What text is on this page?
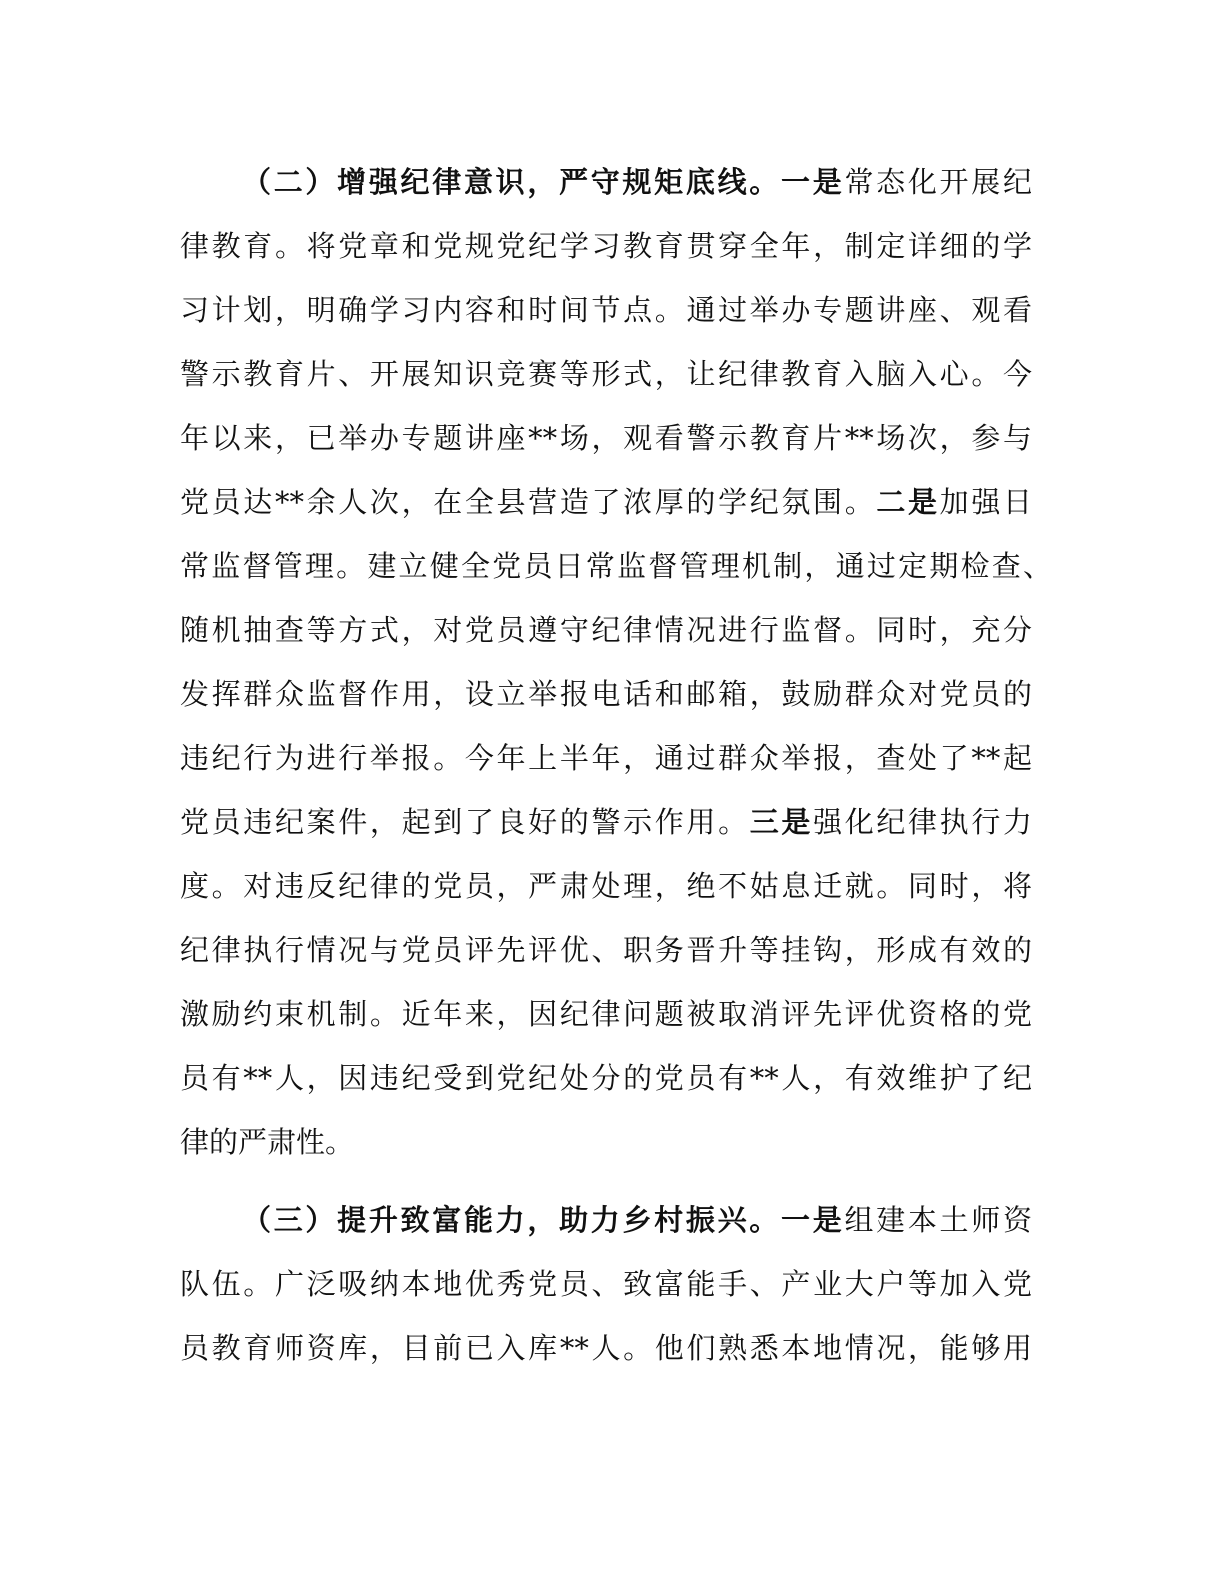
（二）增强纪律意识，严守规矩底线。一是常态化开展纪
律教育。将党章和党规党纪学习教育贯穿全年，制定详细的学
习计划，明确学习内容和时间节点。通过举办专题讲座、观看
警示教育片、开展知识竞赛等形式，让纪律教育入脑入心。今
年以来，已举办专题讲座**场，观看警示教育片**场次，参与
党员达**余人次，在全县营造了浓厚的学纪氛围。二是加强日
常监督管理。建立健全党员日常监督管理机制，通过定期检查、
随机抽查等方式，对党员遵守纪律情况进行监督。同时，充分
发挥群众监督作用，设立举报电话和邮箱，鼓励群众对党员的
违纪行为进行举报。今年上半年，通过群众举报，查处了**起
党员违纪案件，起到了良好的警示作用。三是强化纪律执行力
度。对违反纪律的党员，严肃处理，绝不姑息迁就。同时，将
纪律执行情况与党员评先评优、职务晋升等挂钩，形成有效的
激励约束机制。近年来，因纪律问题被取消评先评优资格的党
员有**人，因违纪受到党纪处分的党员有**人，有效维护了纪
律的严肃性。
（三）提升致富能力，助力乡村振兴。一是组建本土师资
队伍。广泛吸纳本地优秀党员、致富能手、产业大户等加入党
员教育师资库，目前已入库**人。他们熟悉本地情况，能够用
